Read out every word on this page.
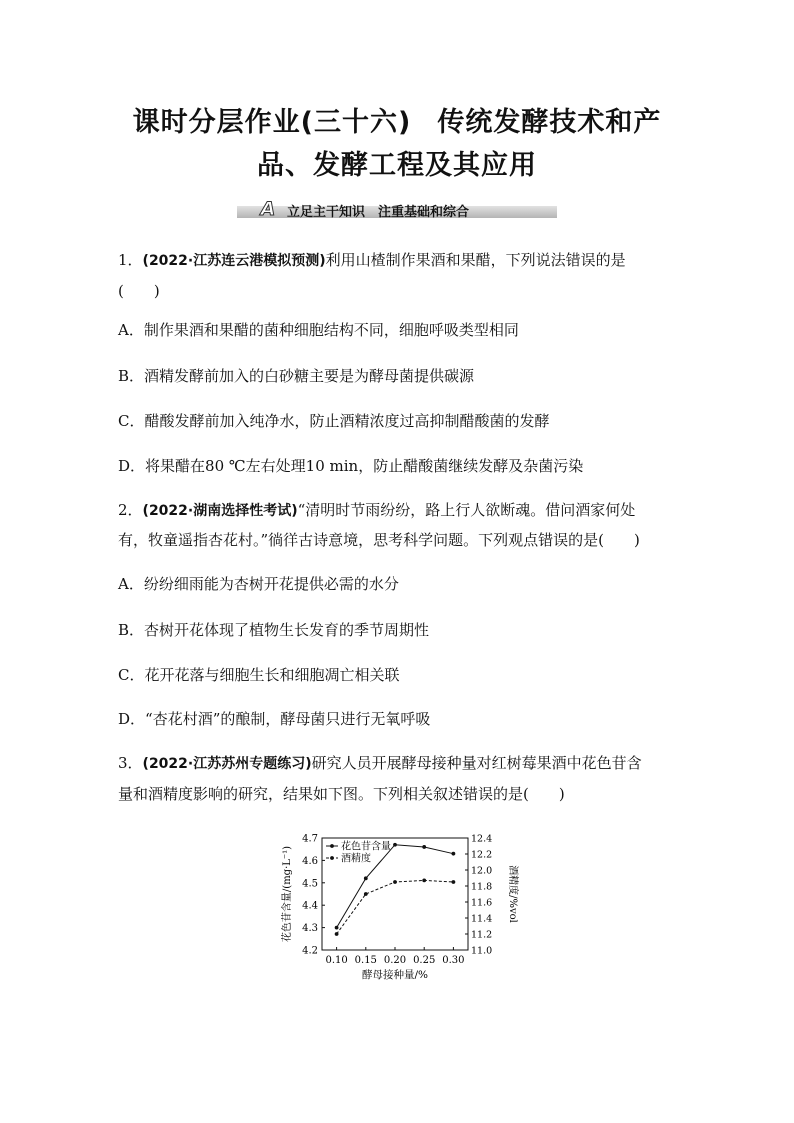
课时分层作业(三十六) 传统发酵技术和产
品、发酵工程及其应用
A 立足主干知识　注重基础和综合
1．(2022·江苏连云港模拟预测)利用山楂制作果酒和果醋，下列说法错误的是
(　　)
A．制作果酒和果醋的菌种细胞结构不同，细胞呼吸类型相同
B．酒精发酵前加入的白砂糖主要是为酵母菌提供碳源
C．醋酸发酵前加入纯净水，防止酒精浓度过高抑制醋酸菌的发酵
D．将果醋在80 ℃左右处理10 min，防止醋酸菌继续发酵及杂菌污染
2．(2022·湖南选择性考试)“清明时节雨纷纷，路上行人欲断魂。借问酒家何处
有，牧童遥指杏花村。”徜徉古诗意境，思考科学问题。下列观点错误的是(　　)
A．纷纷细雨能为杏树开花提供必需的水分
B．杏树开花体现了植物生长发育的季节周期性
C．花开花落与细胞生长和细胞凋亡相关联
D．“杏花村酒”的酿制，酵母菌只进行无氧呼吸
3．(2022·江苏苏州专题练习)研究人员开展酵母接种量对红树莓果酒中花色苷含
量和酒精度影响的研究，结果如下图。下列相关叙述错误的是(　　)
4.2
4.3
4.4
4.5
4.6
4.7
11.0
11.2
11.4
11.6
11.8
12.0
12.2
12.4
0.10 0.15 0.20 0.25 0.30
酵母接种量/%
花色苷含量/(mg·L⁻¹)	酒精度/%vol
花色苷含量
酒精度
